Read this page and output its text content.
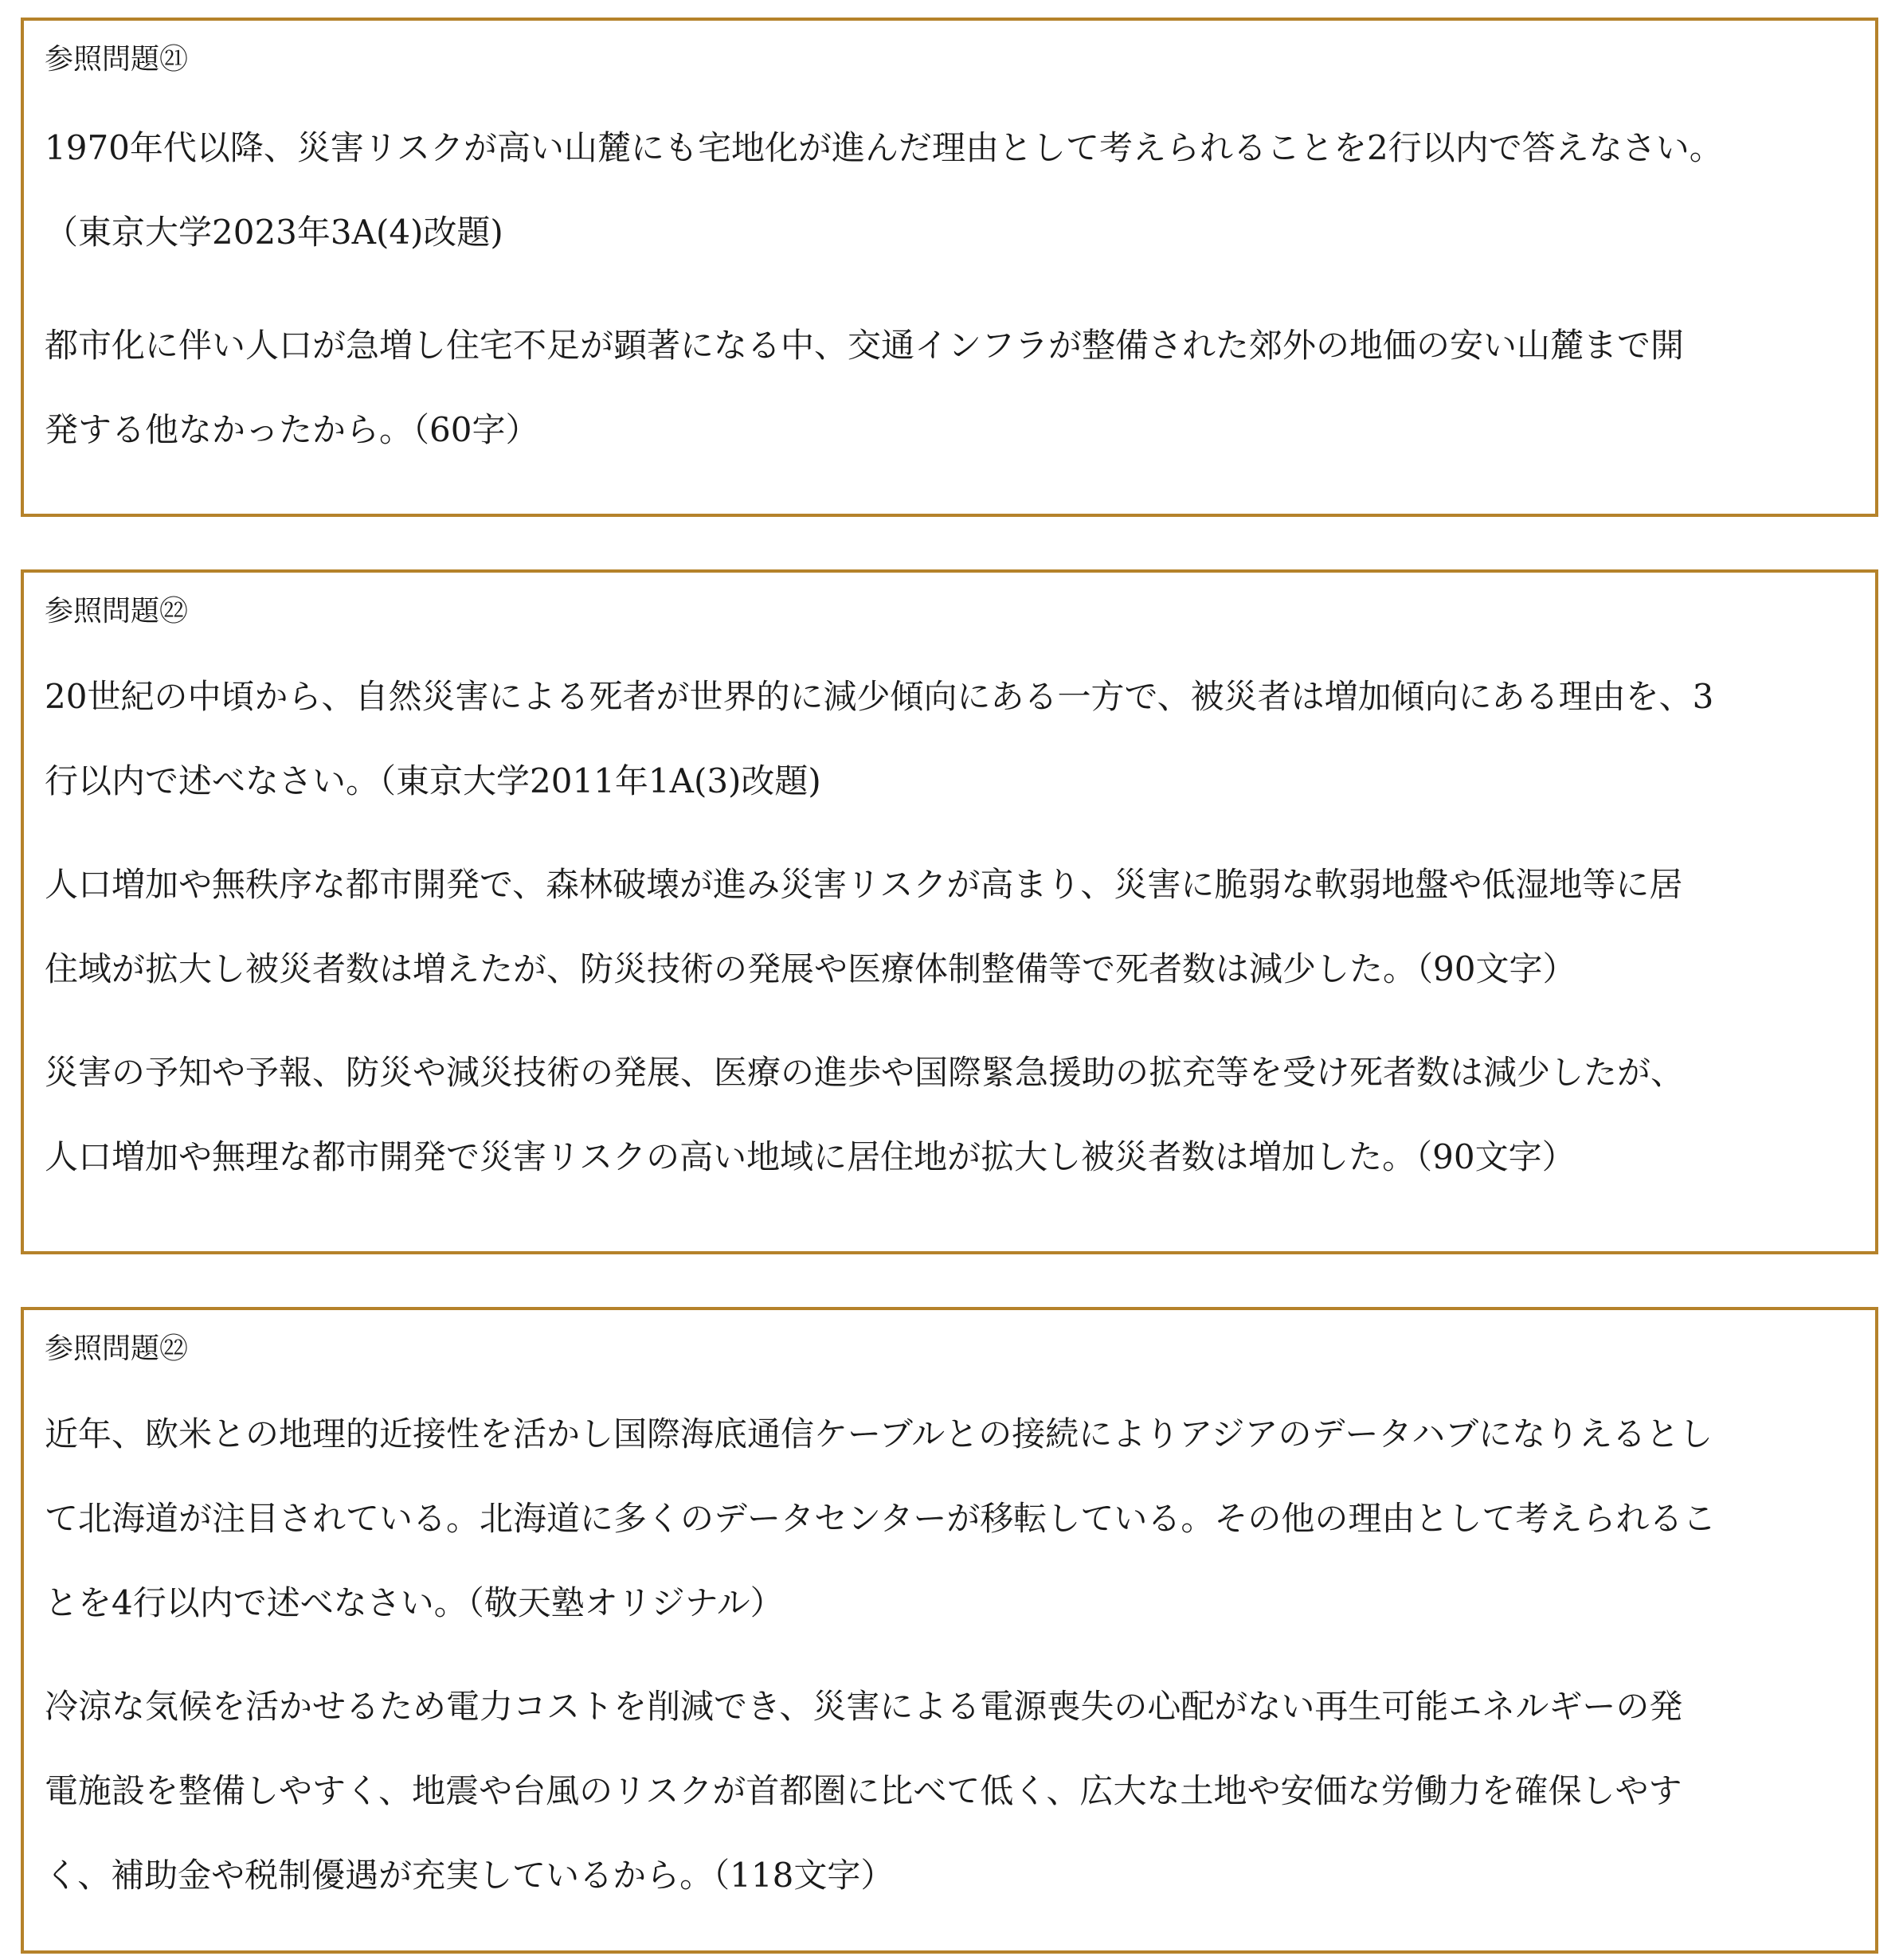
参照問題㉑
1970年代以降、災害リスクが高い山麓にも宅地化が進んだ理由として考えられることを2行以内で答えなさい。
（東京大学2023年3A(4)改題)
都市化に伴い人口が急増し住宅不足が顕著になる中、交通インフラが整備された郊外の地価の安い山麓まで開
発する他なかったから。（60字）
参照問題㉒
20世紀の中頃から、自然災害による死者が世界的に減少傾向にある一方で、被災者は増加傾向にある理由を、3
行以内で述べなさい。（東京大学2011年1A(3)改題)
人口増加や無秩序な都市開発で、森林破壊が進み災害リスクが高まり、災害に脆弱な軟弱地盤や低湿地等に居
住域が拡大し被災者数は増えたが、防災技術の発展や医療体制整備等で死者数は減少した。（90文字）
災害の予知や予報、防災や減災技術の発展、医療の進歩や国際緊急援助の拡充等を受け死者数は減少したが、
人口増加や無理な都市開発で災害リスクの高い地域に居住地が拡大し被災者数は増加した。（90文字）
参照問題㉒
近年、欧米との地理的近接性を活かし国際海底通信ケーブルとの接続によりアジアのデータハブになりえるとし
て北海道が注目されている。北海道に多くのデータセンターが移転している。その他の理由として考えられるこ
とを4行以内で述べなさい。（敬天塾オリジナル）
冷涼な気候を活かせるため電力コストを削減でき、災害による電源喪失の心配がない再生可能エネルギーの発
電施設を整備しやすく、地震や台風のリスクが首都圏に比べて低く、広大な土地や安価な労働力を確保しやす
く、補助金や税制優遇が充実しているから。（118文字）
